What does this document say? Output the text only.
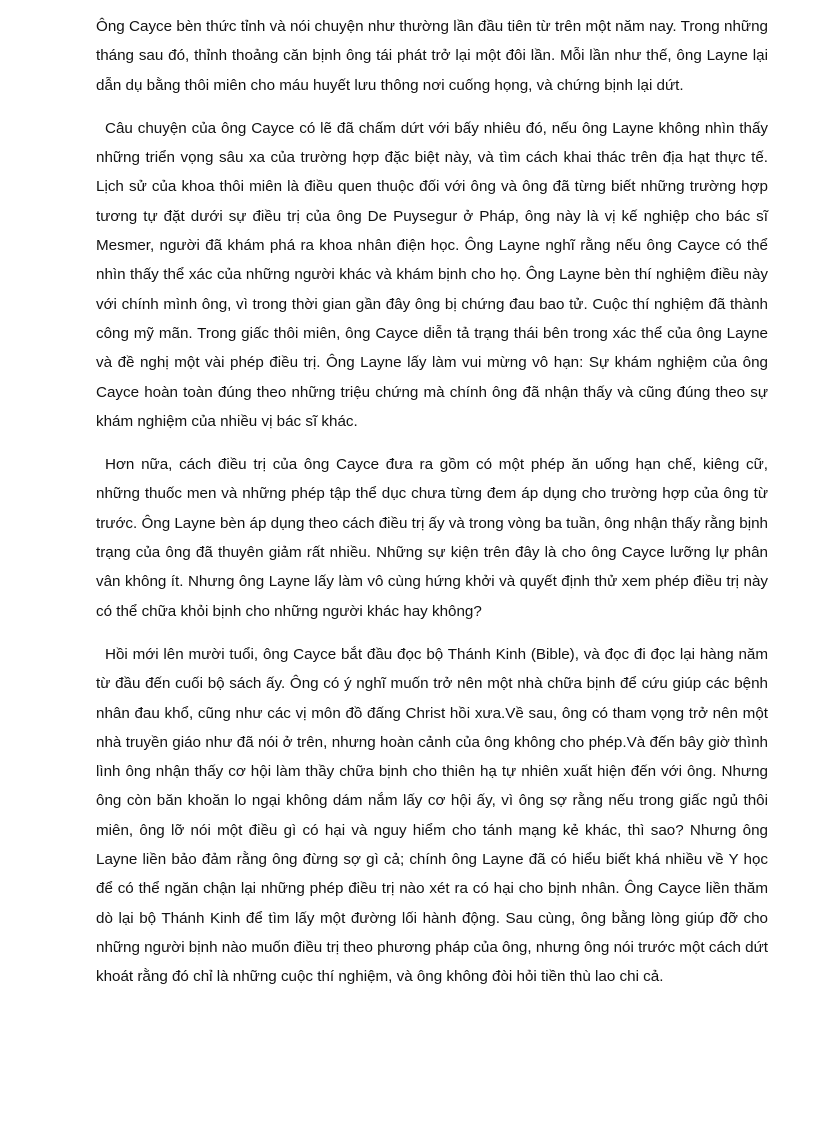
Ông Cayce bèn thức tỉnh và nói chuyện như thường lần đầu tiên từ trên một năm nay. Trong những tháng sau đó, thỉnh thoảng căn bịnh ông tái phát trở lại một đôi lần. Mỗi lần như thế, ông Layne lại dẫn dụ bằng thôi miên cho máu huyết lưu thông nơi cuống họng, và chứng bịnh lại dứt.

Câu chuyện của ông Cayce có lẽ đã chấm dứt với bấy nhiêu đó, nếu ông Layne không nhìn thấy những triển vọng sâu xa của trường hợp đặc biệt này, và tìm cách khai thác trên địa hạt thực tế. Lịch sử của khoa thôi miên là điều quen thuộc đối với ông và ông đã từng biết những trường hợp tương tự đặt dưới sự điều trị của ông De Puysegur ở Pháp, ông này là vị kế nghiệp cho bác sĩ Mesmer, người đã khám phá ra khoa nhân điện học. Ông Layne nghĩ rằng nếu ông Cayce có thể nhìn thấy thể xác của những người khác và khám bịnh cho họ. Ông Layne bèn thí nghiệm điều này với chính mình ông, vì trong thời gian gần đây ông bị chứng đau bao tử. Cuộc thí nghiệm đã thành công mỹ mãn. Trong giấc thôi miên, ông Cayce diễn tả trạng thái bên trong xác thể của ông Layne và đề nghị một vài phép điều trị. Ông Layne lấy làm vui mừng vô hạn: Sự khám nghiệm của ông Cayce hoàn toàn đúng theo những triệu chứng mà chính ông đã nhận thấy và cũng đúng theo sự khám nghiệm của nhiều vị bác sĩ khác.

Hơn nữa, cách điều trị của ông Cayce đưa ra gồm có một phép ăn uống hạn chế, kiêng cữ, những thuốc men và những phép tập thể dục chưa từng đem áp dụng cho trường hợp của ông từ trước. Ông Layne bèn áp dụng theo cách điều trị ấy và trong vòng ba tuần, ông nhận thấy rằng bịnh trạng của ông đã thuyên giảm rất nhiều. Những sự kiện trên đây là cho ông Cayce lưỡng lự phân vân không ít. Nhưng ông Layne lấy làm vô cùng hứng khởi và quyết định thử xem phép điều trị này có thể chữa khỏi bịnh cho những người khác hay không?

Hồi mới lên mười tuổi, ông Cayce bắt đầu đọc bộ Thánh Kinh (Bible), và đọc đi đọc lại hàng năm từ đầu đến cuối bộ sách ấy. Ông có ý nghĩ muốn trở nên một nhà chữa bịnh để cứu giúp các bệnh nhân đau khổ, cũng như các vị môn đồ đấng Christ hồi xưa.Về sau, ông có tham vọng trở nên một nhà truyền giáo như đã nói ở trên, nhưng hoàn cảnh của ông không cho phép.Và đến bây giờ thình lình ông nhận thấy cơ hội làm thầy chữa bịnh cho thiên hạ tự nhiên xuất hiện đến với ông. Nhưng ông còn băn khoăn lo ngại không dám nắm lấy cơ hội ấy, vì ông sợ rằng nếu trong giấc ngủ thôi miên, ông lỡ nói một điều gì có hại và nguy hiểm cho tánh mạng kẻ khác, thì sao? Nhưng ông Layne liền bảo đảm rằng ông đừng sợ gì cả; chính ông Layne đã có hiểu biết khá nhiều về Y học để có thể ngăn chận lại những phép điều trị nào xét ra có hại cho bịnh nhân. Ông Cayce liền thăm dò lại bộ Thánh Kinh để tìm lấy một đường lối hành động. Sau cùng, ông bằng lòng giúp đỡ cho những người bịnh nào muốn điều trị theo phương pháp của ông, nhưng ông nói trước một cách dứt khoát rằng đó chỉ là những cuộc thí nghiệm, và ông không đòi hỏi tiền thù lao chi cả.
